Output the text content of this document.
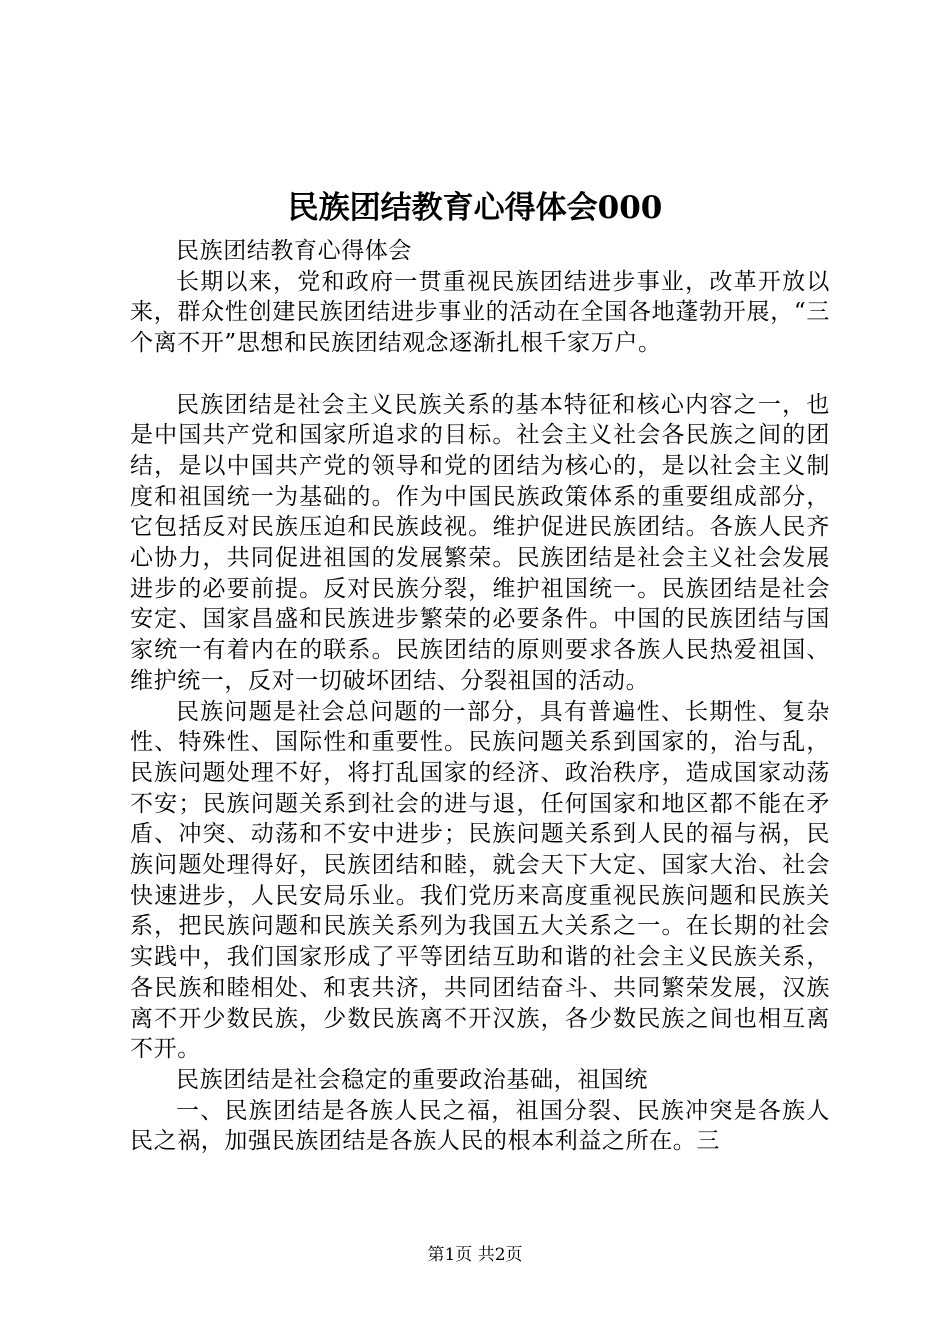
民族团结教育心得体会000

民族团结教育心得体会

长期以来，党和政府一贯重视民族团结进步事业，改革开放以来，群众性创建民族团结进步事业的活动在全国各地蓬勃开展，“三个离不开”思想和民族团结观念逐渐扎根千家万户。

民族团结是社会主义民族关系的基本特征和核心内容之一，也是中国共产党和国家所追求的目标。社会主义社会各民族之间的团结，是以中国共产党的领导和党的团结为核心的，是以社会主义制度和祖国统一为基础的。作为中国民族政策体系的重要组成部分，它包括反对民族压迫和民族歧视。维护促进民族团结。各族人民齐心协力，共同促进祖国的发展繁荣。民族团结是社会主义社会发展进步的必要前提。反对民族分裂，维护祖国统一。民族团结是社会安定、国家昌盛和民族进步繁荣的必要条件。中国的民族团结与国家统一有着内在的联系。民族团结的原则要求各族人民热爱祖国、维护统一，反对一切破坏团结、分裂祖国的活动。

民族问题是社会总问题的一部分，具有普遍性、长期性、复杂性、特殊性、国际性和重要性。民族问题关系到国家的，治与乱，民族问题处理不好，将打乱国家的经济、政治秩序，造成国家动荡不安；民族问题关系到社会的进与退，任何国家和地区都不能在矛盾、冲突、动荡和不安中进步；民族问题关系到人民的福与祸，民族问题处理得好，民族团结和睦，就会天下大定、国家大治、社会快速进步，人民安局乐业。我们党历来高度重视民族问题和民族关系，把民族问题和民族关系列为我国五大关系之一。在长期的社会实践中，我们国家形成了平等团结互助和谐的社会主义民族关系，各民族和睦相处、和衷共济，共同团结奋斗、共同繁荣发展，汉族离不开少数民族，少数民族离不开汉族，各少数民族之间也相互离不开。

民族团结是社会稳定的重要政治基础，祖国统

一、民族团结是各族人民之福，祖国分裂、民族冲突是各族人民之祸，加强民族团结是各族人民的根本利益之所在。三

第1页 共2页
